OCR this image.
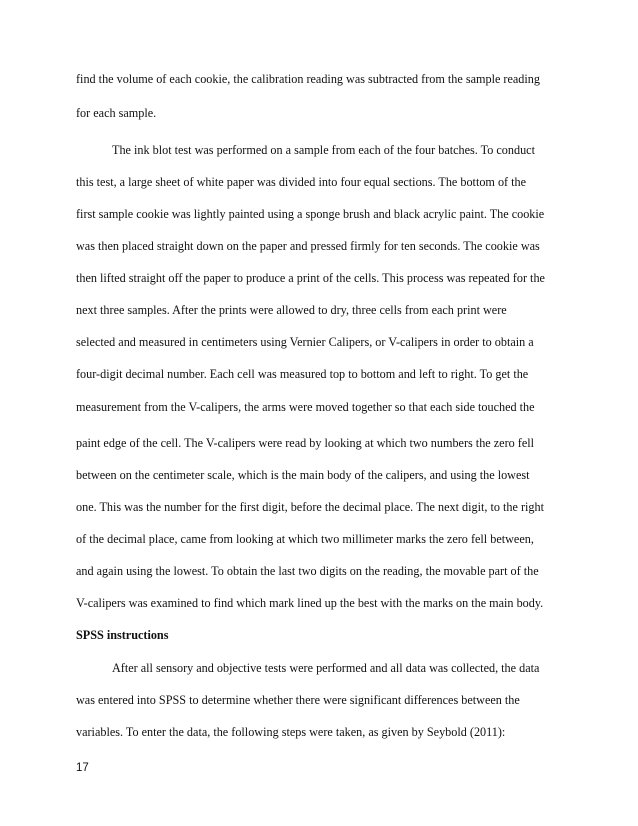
find the volume of each cookie, the calibration reading was subtracted from the sample reading

for each sample.

The ink blot test was performed on a sample from each of the four batches. To conduct

this test, a large sheet of white paper was divided into four equal sections. The bottom of the

first sample cookie was lightly painted using a sponge brush and black acrylic paint. The cookie

was then placed straight down on the paper and pressed firmly for ten seconds. The cookie was

then lifted straight off the paper to produce a print of the cells. This process was repeated for the

next three samples. After the prints were allowed to dry, three cells from each print were

selected and measured in centimeters using Vernier Calipers, or V-calipers in order to obtain a

four-digit decimal number. Each cell was measured top to bottom and left to right. To get the

measurement from the V-calipers, the arms were moved together so that each side touched the

paint edge of the cell. The V-calipers were read by looking at which two numbers the zero fell

between on the centimeter scale, which is the main body of the calipers, and using the lowest

one. This was the number for the first digit, before the decimal place. The next digit, to the right

of the decimal place, came from looking at which two millimeter marks the zero fell between,

and again using the lowest. To obtain the last two digits on the reading, the movable part of the

V-calipers was examined to find which mark lined up the best with the marks on the main body.

SPSS instructions

After all sensory and objective tests were performed and all data was collected, the data

was entered into SPSS to determine whether there were significant differences between the

variables. To enter the data, the following steps were taken, as given by Seybold (2011):

17
